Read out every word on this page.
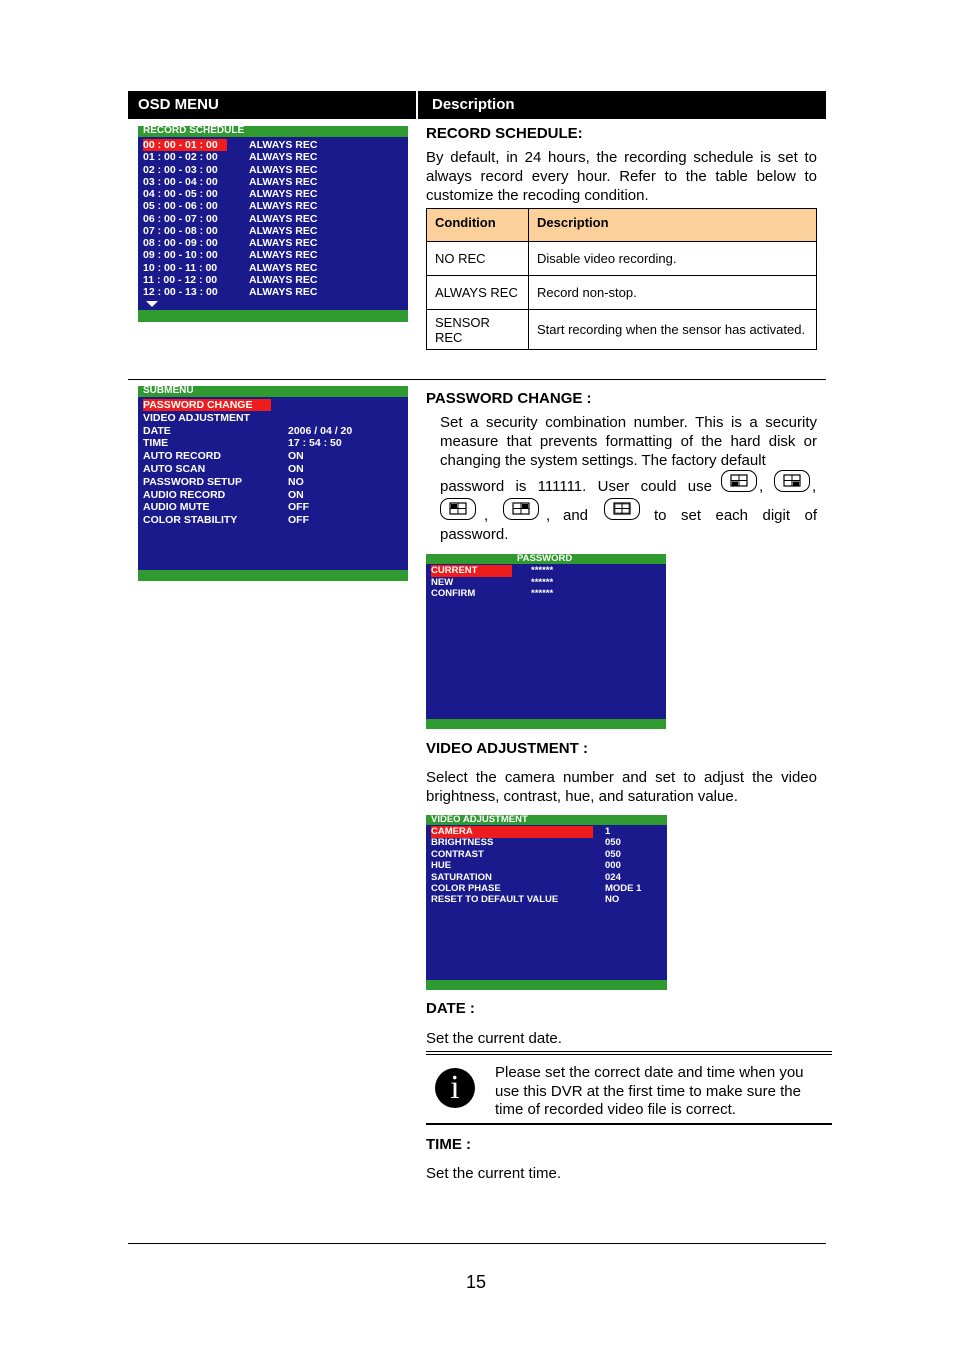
OSD MENU	Description
RECORD SCHEDULE
00 : 00 - 01 : 00	ALWAYS REC
01 : 00 - 02 : 00	ALWAYS REC
02 : 00 - 03 : 00	ALWAYS REC
03 : 00 - 04 : 00	ALWAYS REC
04 : 00 - 05 : 00	ALWAYS REC
05 : 00 - 06 : 00	ALWAYS REC
06 : 00 - 07 : 00	ALWAYS REC
07 : 00 - 08 : 00	ALWAYS REC
08 : 00 - 09 : 00	ALWAYS REC
09 : 00 - 10 : 00	ALWAYS REC
10 : 00 - 11 : 00	ALWAYS REC
11 : 00 - 12 : 00	ALWAYS REC
12 : 00 - 13 : 00	ALWAYS REC
RECORD SCHEDULE:
By default, in 24 hours, the recording schedule is set to always record every hour. Refer to the table below to customize the recoding condition.
Condition	Description
NO REC	Disable video recording.
ALWAYS REC	Record non-stop.
SENSOR REC	Start recording when the sensor has activated.
SUBMENU
PASSWORD CHANGE
VIDEO ADJUSTMENT
DATE	2006 / 04 / 20
TIME	17 : 54 : 50
AUTO RECORD	ON
AUTO SCAN	ON
PASSWORD SETUP	NO
AUDIO RECORD	ON
AUDIO MUTE	OFF
COLOR STABILITY	OFF
PASSWORD CHANGE :
Set a security combination number. This is a security measure that prevents formatting of the hard disk or changing the system settings. The factory default
password is 111111. User could use	,	,
,	, and	to set each digit of
password.
PASSWORD
CURRENT	******
NEW	******
CONFIRM	******
VIDEO ADJUSTMENT :
Select the camera number and set to adjust the video brightness, contrast, hue, and saturation value.
VIDEO ADJUSTMENT
CAMERA	1
BRIGHTNESS	050
CONTRAST	050
HUE	000
SATURATION	024
COLOR PHASE	MODE 1
RESET TO DEFAULT VALUE	NO
DATE :
Set the current date.
i	Please set the correct date and time when you use this DVR at the first time to make sure the time of recorded video file is correct.
TIME :
Set the current time.
15
